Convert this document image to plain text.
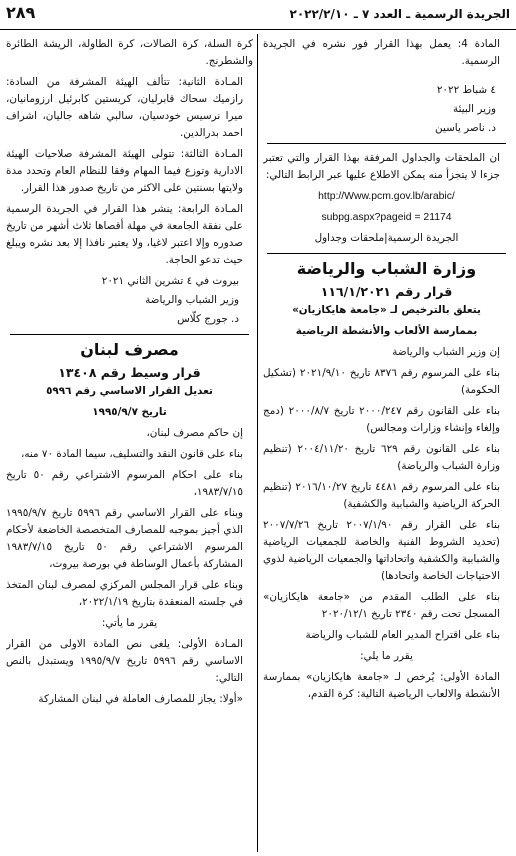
الجريدة الرسمية ـ العدد ٧ ـ ٢٠٢٢/٢/١٠
٢٨٩

المادة 4: يعمل بهذا القرار فور نشره في الجريدة الرسمية.

٤ شباط ٢٠٢٢

وزير البيئة

د. ناصر ياسين

ان الملحقات والجداول المرفقة بهذا القرار والتي تعتبر جزءا لا يتجزأ منه يمكن الاطلاع عليها عبر الرابط التالي:

http://Www.pcm.gov.lb/arabic/

subpg.aspx?pageid = 21174

الجريدة الرسمية|ملحقات وجداول

وزارة الشباب والرياضة
قرار رقم ١١٦/١/٢٠٢١

يتعلق بالترخيص لـ «جامعة هايكازيان»

بممارسة الألعاب والأنشطة الرياضية

إن وزير الشباب والرياضة

بناء على المرسوم رقم ٨٣٧٦ تاريخ ٢٠٢١/٩/١٠ (تشكيل الحكومة)

بناء على القانون رقم ٢٠٠٠/٢٤٧ تاريخ ٢٠٠٠/٨/٧ (دمج وإلغاء وإنشاء وزارات ومجالس)

بناء على القانون رقم ٦٢٩ تاريخ ٢٠٠٤/١١/٢٠ (تنظيم وزارة الشباب والرياضة)

بناء على المرسوم رقم ٤٤٨١ تاريخ ٢٠١٦/١٠/٢٧ (تنظيم الحركة الرياضية والشبابية والكشفية)

بناء على القرار رقم ٢٠٠٧/١/٩٠ تاريخ ٢٠٠٧/٧/٢٦ (تحديد الشروط الفنية والخاصة للجمعيات الرياضية والشبابية والكشفية واتحاداتها والجمعيات الرياضية لذوي الاحتياجات الخاصة واتحادها)

بناء على الطلب المقدم من «جامعة هايكازيان» المسجل تحت رقم ٢٣٤٠ تاريخ ٢٠٢٠/١٢/١

بناء على اقتراح المدير العام للشباب والرياضة

يقرر ما يلي:

المادة الأولى: يُرخص لـ «جامعة هايكازيان» بممارسة الأنشطة والالعاب الرياضية التالية: كرة القدم،

كرة السلة، كرة الصالات، كرة الطاولة، الريشة الطائرة والشطرنج.

المـادة الثانية: تتألف الهيئة المشرفة من السادة: رازميك سحاك قابرليان، كريستين كابرئيل ارزومانيان، ميرا نرسيس خودسيان، سالبي شاهه جاليان، اشراف احمد بدرالدين.

المـادة الثالثة: تتولى الهيئة المشرفة صلاحيات الهيئة الادارية وتوزع فيما المهام وفقا للنظام العام وتحدد مدة ولايتها بسنتين على الاكثر من تاريخ صدور هذا القرار.

المـادة الرابعة: ينشر هذا القرار في الجريدة الرسمية على نفقة الجامعة في مهلة أقصاها ثلاث أشهر من تاريخ صدوره وإلا اعتبر لاغيا، ولا يعتبر نافذا إلا بعد نشره ويبلغ حيث تدعو الحاجة.

بيروت في ٤ تشرين الثاني ٢٠٢١

وزير الشباب والرياضة

د. جورج كلّاس

مصرف لبنان
قرار وسيط رقم ١٣٤٠٨

تعديل القرار الاساسي رقم ٥٩٩٦

تاريخ ١٩٩٥/٩/٧

إن حاكم مصرف لبنان،

بناء على قانون النقد والتسليف، سيما المادة ٧٠ منه،

بناء على احكام المرسوم الاشتراعي رقم ٥٠ تاريخ ١٩٨٣/٧/١٥،

وبناء على القرار الاساسي رقم ٥٩٩٦ تاريخ ١٩٩٥/٩/٧ الذي أجيز بموجبه للمصارف المتخصصة الخاضعة لأحكام المرسوم الاشتراعي رقم ٥٠ تاريخ ١٩٨٣/٧/١٥ المشاركة بأعمال الوساطة في بورصة بيروت،

وبناء على قرار المجلس المركزي لمصرف لبنان المتخذ في جلسته المنعقدة بتاريخ ٢٠٢٢/١/١٩،

يقرر ما يأتي:

المـادة الأولى: يلغى نص المادة الاولى من القرار الاساسي رقم ٥٩٩٦ تاريخ ١٩٩٥/٩/٧ ويستبدل بالنص التالي:

«أولا: يجاز للمصارف العاملة في لبنان المشاركة
